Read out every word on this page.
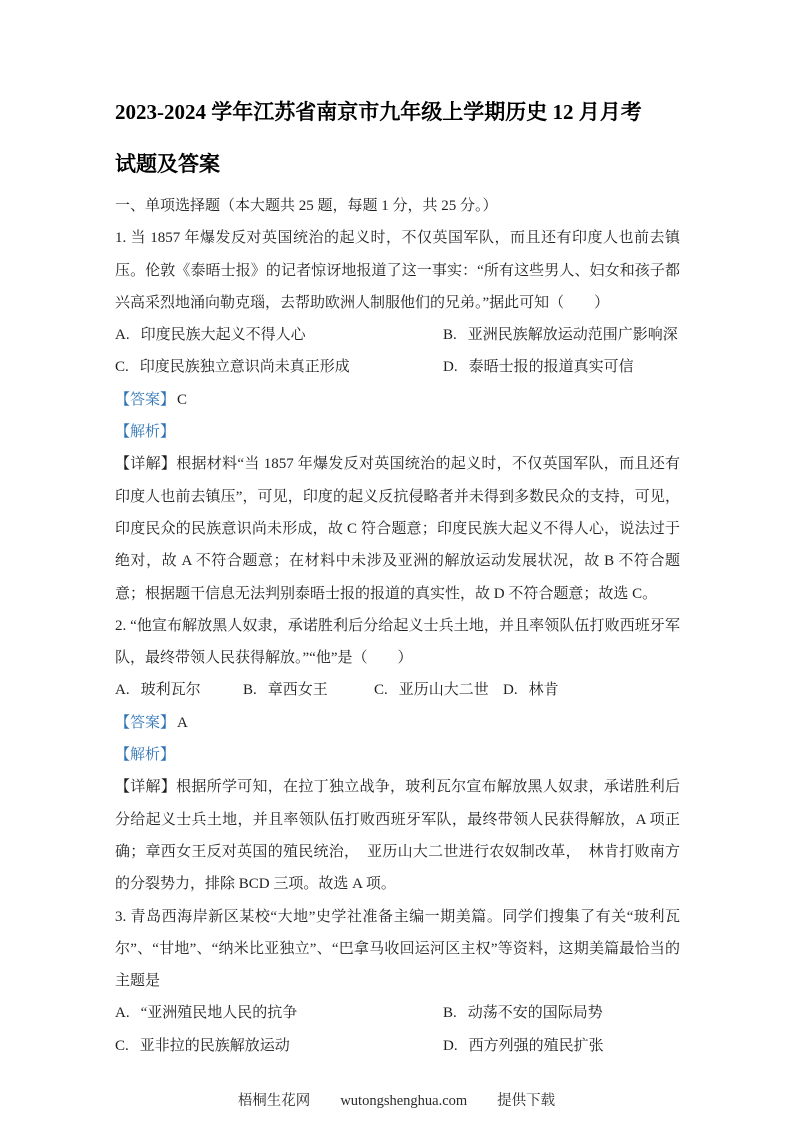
2023-2024 学年江苏省南京市九年级上学期历史 12 月月考
试题及答案

一、单项选择题（本大题共 25 题，每题 1 分，共 25 分。）

1. 当 1857 年爆发反对英国统治的起义时，不仅英国军队，而且还有印度人也前去镇压。伦敦《泰晤士报》的记者惊讶地报道了这一事实：“所有这些男人、妇女和孩子都兴高采烈地涌向勒克瑙，去帮助欧洲人制服他们的兄弟。”据此可知（　　）

A. 印度民族大起义不得人心	B. 亚洲民族解放运动范围广影响深
C. 印度民族独立意识尚未真正形成	D. 泰晤士报的报道真实可信

【答案】 C

【解析】

【详解】根据材料“当 1857 年爆发反对英国统治的起义时，不仅英国军队，而且还有印度人也前去镇压”，可见，印度的起义反抗侵略者并未得到多数民众的支持，可见，印度民众的民族意识尚未形成，故 C 符合题意；印度民族大起义不得人心，说法过于绝对，故 A 不符合题意；在材料中未涉及亚洲的解放运动发展状况，故 B 不符合题意；根据题干信息无法判别泰晤士报的报道的真实性，故 D 不符合题意；故选 C。

2. “他宣布解放黑人奴隶，承诺胜利后分给起义士兵土地，并且率领队伍打败西班牙军队，最终带领人民获得解放。”“他”是（　　）

A. 玻利瓦尔	B. 章西女王	C. 亚历山大二世 D. 林肯

【答案】 A

【解析】

【详解】根据所学可知，在拉丁独立战争，玻利瓦尔宣布解放黑人奴隶，承诺胜利后分给起义士兵土地，并且率领队伍打败西班牙军队，最终带领人民获得解放，A 项正确；章西女王反对英国的殖民统治，　亚历山大二世进行农奴制改革，　林肯打败南方的分裂势力，排除 BCD 三项。故选 A 项。

3. 青岛西海岸新区某校“大地”史学社准备主编一期美篇。同学们搜集了有关“玻利瓦尔”、“甘地”、“纳米比亚独立”、“巴拿马收回运河区主权”等资料，这期美篇最恰当的主题是

A. “亚洲殖民地人民的抗争	B. 动荡不安的国际局势
C. 亚非拉的民族解放运动	D. 西方列强的殖民扩张
梧桐生花网 wutongshenghua.com 提供下载
